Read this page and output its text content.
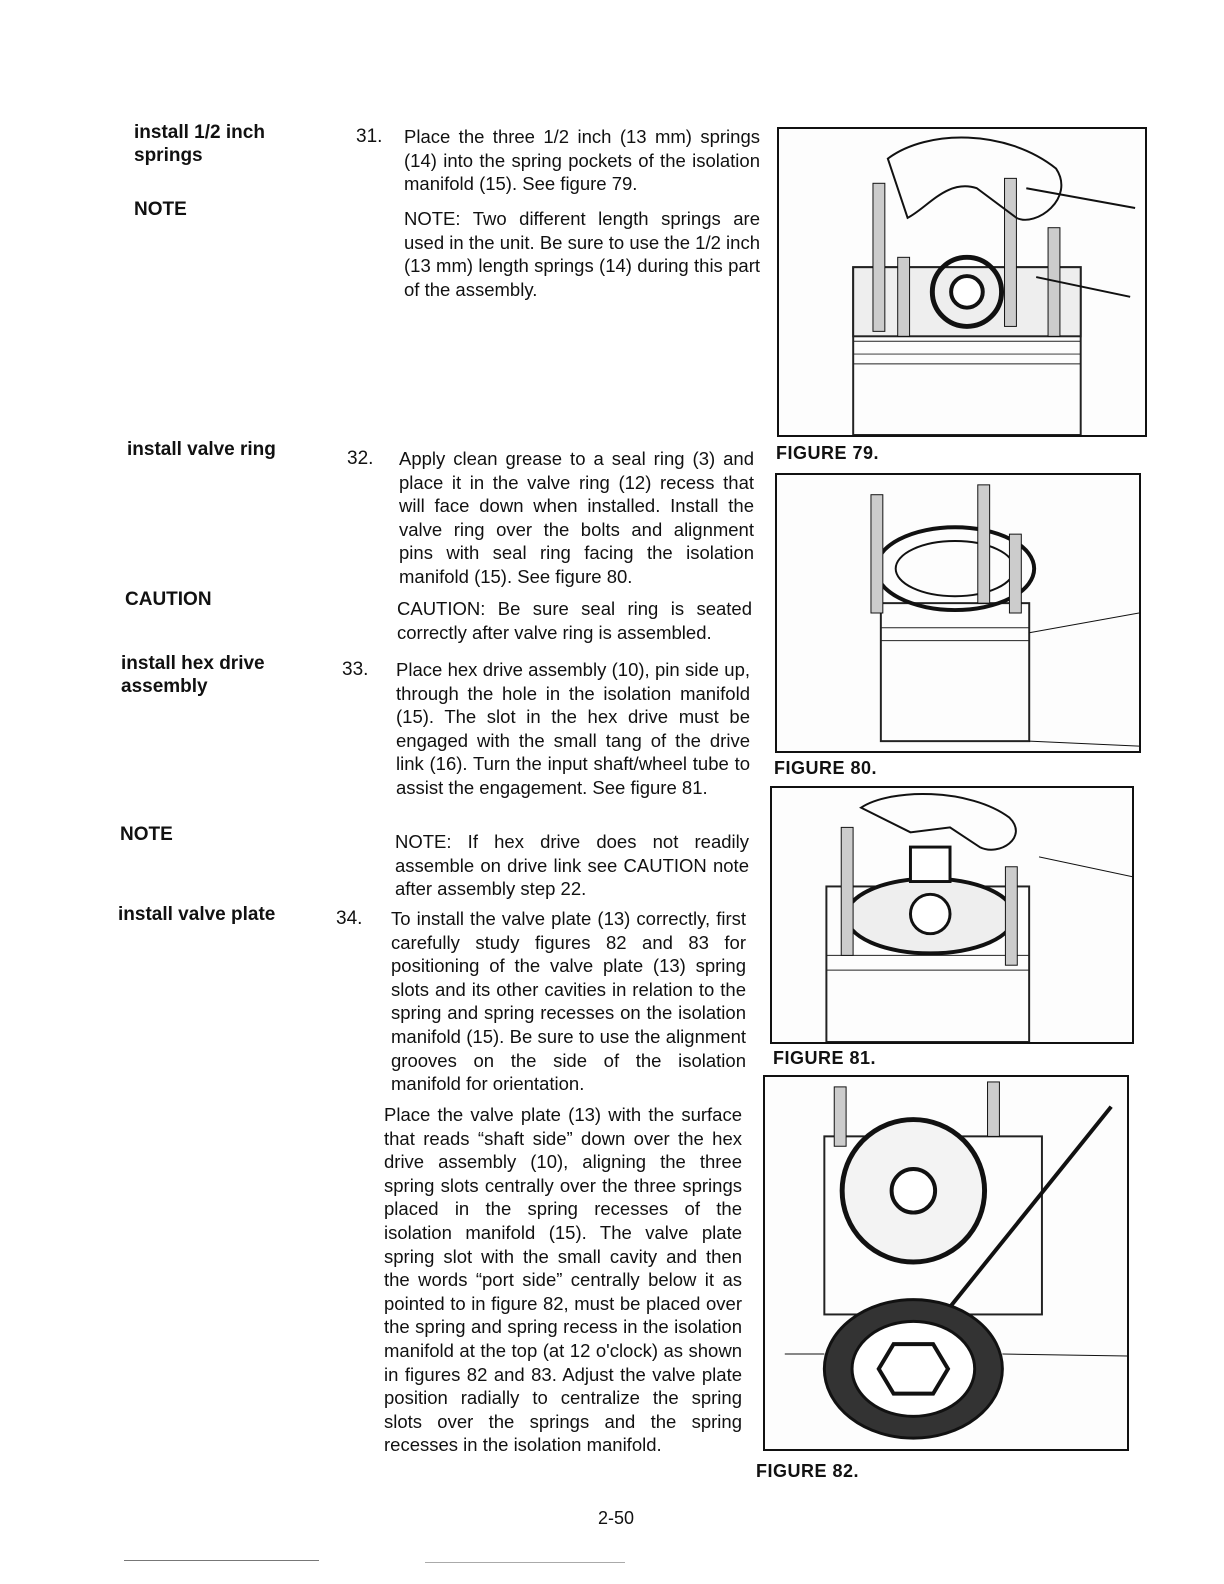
install 1/2 inch
springs
NOTE
install valve ring
CAUTION
install hex drive
assembly
NOTE
install valve plate
31.
32.
33.
34.
Place the three 1/2 inch (13 mm) springs (14) into the spring pockets of the isolation manifold (15). See figure 79.
NOTE: Two different length springs are used in the unit. Be sure to use the 1/2 inch (13 mm) length springs (14) during this part of the assembly.
Apply clean grease to a seal ring (3) and place it in the valve ring (12) recess that will face down when installed. Install the valve ring over the bolts and alignment pins with seal ring facing the isolation manifold (15). See figure 80.
CAUTION: Be sure seal ring is seated correctly after valve ring is assembled.
Place hex drive assembly (10), pin side up, through the hole in the isolation manifold (15). The slot in the hex drive must be engaged with the small tang of the drive link (16). Turn the input shaft/wheel tube to assist the engagement. See figure 81.
NOTE: If hex drive does not readily assemble on drive link see CAUTION note after assembly step 22.
To install the valve plate (13) correctly, first carefully study figures 82 and 83 for positioning of the valve plate (13) spring slots and its other cavities in relation to the spring and spring recesses on the isolation manifold (15). Be sure to use the alignment grooves on the side of the isolation manifold for orientation.
Place the valve plate (13) with the surface that reads “shaft side” down over the hex drive assembly (10), aligning the three spring slots centrally over the three springs placed in the spring recesses of the isolation manifold (15). The valve plate spring slot with the small cavity and then the words “port side” centrally below it as pointed to in figure 82, must be placed over the spring and spring recess in the isolation manifold at the top (at 12 o'clock) as shown in figures 82 and 83. Adjust the valve plate position radially to centralize the spring slots over the springs and the spring recesses in the isolation manifold.
FIGURE 79.
FIGURE 80.
FIGURE 81.
FIGURE 82.
2-50
